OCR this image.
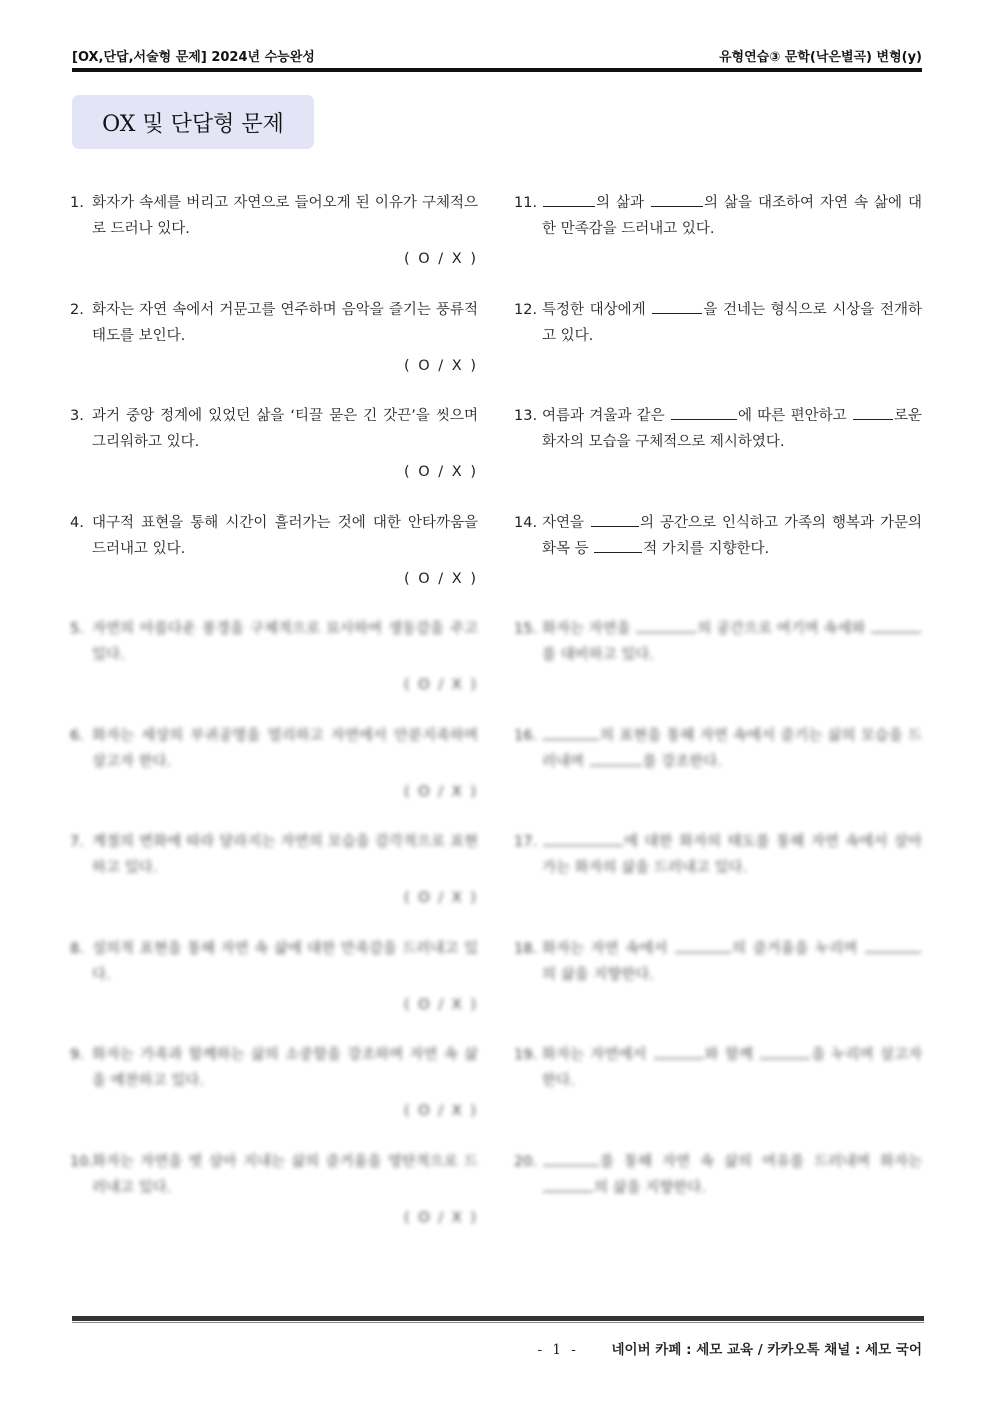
[OX,단답,서술형 문제] 2024년 수능완성	유형연습③ 문학(낙은별곡) 변형(y)
OX 및 단답형 문제
1. 화자가 속세를 버리고 자연으로 들어오게 된 이유가 구체적으로 드러나 있다.
( O / X )
2. 화자는 자연 속에서 거문고를 연주하며 음악을 즐기는 풍류적 태도를 보인다.
( O / X )
3. 과거 중앙 정계에 있었던 삶을 ‘티끌 묻은 긴 갓끈’을 씻으며 그리워하고 있다.
( O / X )
4. 대구적 표현을 통해 시간이 흘러가는 것에 대한 안타까움을 드러내고 있다.
( O / X )
5. 자연의 아름다운 풍경을 구체적으로 묘사하여 생동감을 주고 있다.
( O / X )
6. 화자는 세상의 부귀공명을 멀리하고 자연에서 안분지족하며 살고자 한다.
( O / X )
7. 계절의 변화에 따라 달라지는 자연의 모습을 감각적으로 표현하고 있다.
( O / X )
8. 설의적 표현을 통해 자연 속 삶에 대한 만족감을 드러내고 있다.
( O / X )
9. 화자는 가족과 함께하는 삶의 소중함을 강조하며 자연 속 삶을 예찬하고 있다.
( O / X )
10.
화자는 자연을 벗 삼아 지내는 삶의 즐거움을 영탄적으로 드러내고 있다.
( O / X )
11.	의 삶과	의 삶을 대조하여 자연 속 삶에 대한 만족감을 드러내고 있다.
12. 특정한 대상에게	을 건네는 형식으로 시상을 전개하고 있다.
13. 여름과 겨울과 같은	에 따른 편안하고	로운 화자의 모습을 구체적으로 제시하였다.
14. 자연을	의 공간으로 인식하고 가족의 행복과 가문의 화목 등	적 가치를 지향한다.
15. 화자는 자연을	의 공간으로 여기며 속세와 를 대비하고 있다.
16.	의 표현을 통해 자연 속에서 즐기는 삶의 모습을 드러내며	를 강조한다.
17.	에 대한 화자의 태도를 통해 자연 속에서 살아가는 화자의 삶을 드러내고 있다.
18. 화자는 자연 속에서	의 즐거움을 누리며 의 삶을 지향한다.
19. 화자는 자연에서	와 함께	을 누리며 살고자 한다.
20.	를 통해 자연 속 삶의 여유를 드러내며 화자는 의 삶을 지향한다.
- 1 - 네이버 카페 : 세모 교육 / 카카오톡 채널 : 세모 국어
